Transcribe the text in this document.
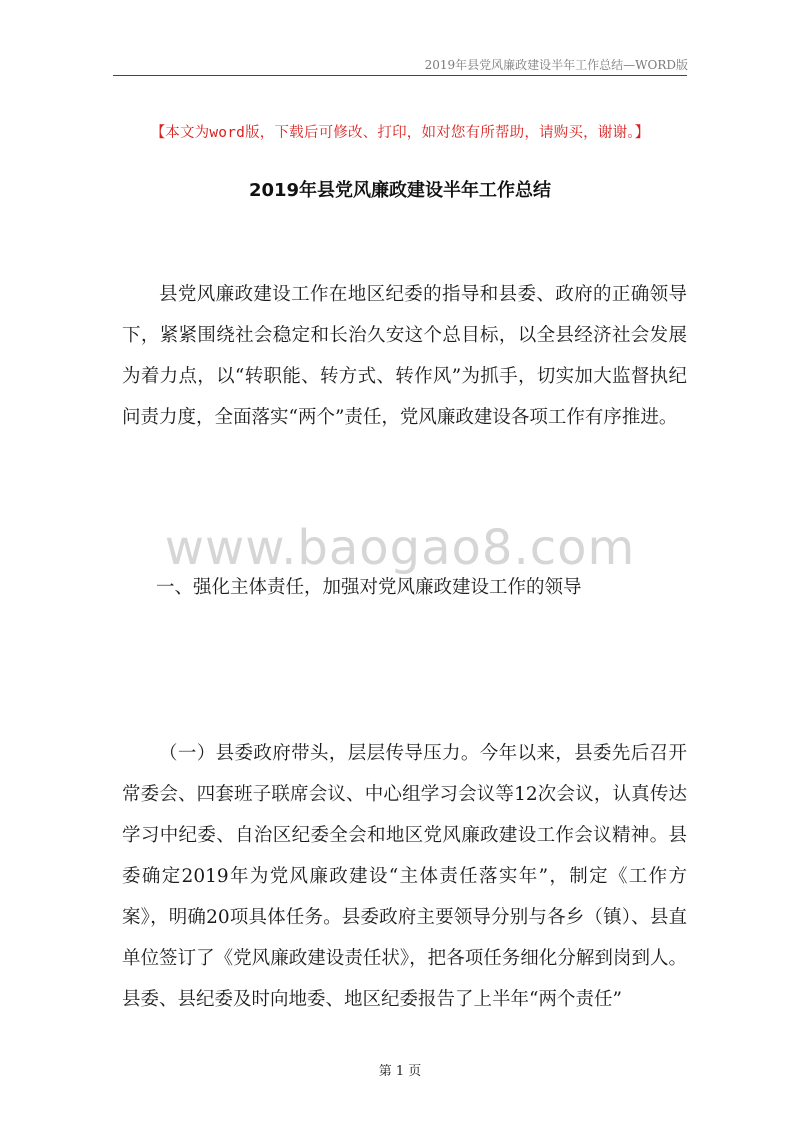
2019年县党风廉政建设半年工作总结—WORD版
【本文为word版，下载后可修改、打印，如对您有所帮助，请购买，谢谢。】
2019年县党风廉政建设半年工作总结
县党风廉政建设工作在地区纪委的指导和县委、政府的正确领导下，紧紧围绕社会稳定和长治久安这个总目标，以全县经济社会发展为着力点，以“转职能、转方式、转作风”为抓手，切实加大监督执纪问责力度，全面落实“两个”责任，党风廉政建设各项工作有序推进。
www.baogao8.com
一、强化主体责任，加强对党风廉政建设工作的领导
（一）县委政府带头，层层传导压力。今年以来，县委先后召开常委会、四套班子联席会议、中心组学习会议等12次会议，认真传达学习中纪委、自治区纪委全会和地区党风廉政建设工作会议精神。县委确定2019年为党风廉政建设“主体责任落实年”，制定《工作方案》，明确20项具体任务。县委政府主要领导分别与各乡（镇）、县直单位签订了《党风廉政建设责任状》，把各项任务细化分解到岗到人。县委、县纪委及时向地委、地区纪委报告了上半年“两个责任”
第 1 页
